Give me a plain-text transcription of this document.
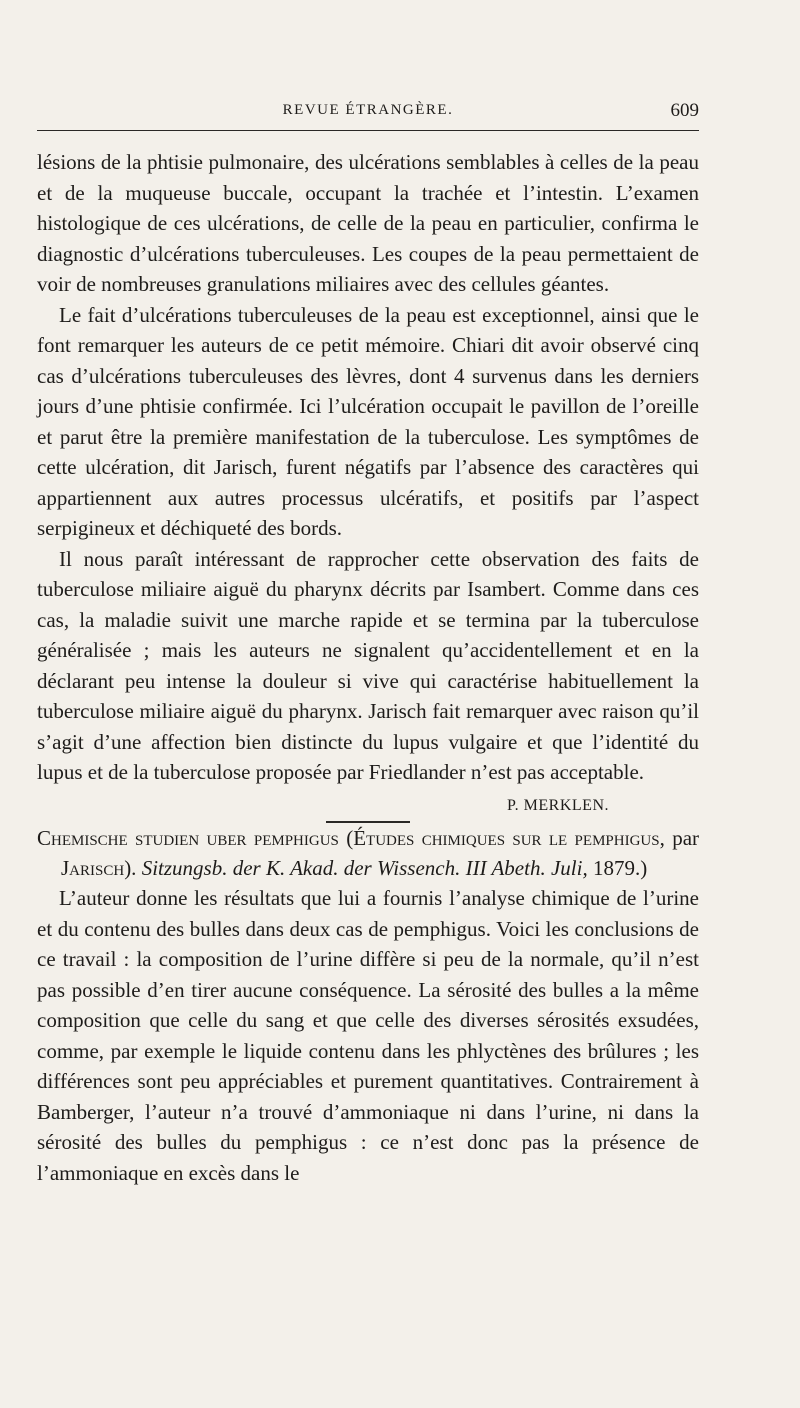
REVUE ÉTRANGÈRE.	609

lésions de la phtisie pulmonaire, des ulcérations semblables à celles de la peau et de la muqueuse buccale, occupant la trachée et l’intestin. L’examen histologique de ces ulcérations, de celle de la peau en particulier, confirma le diagnostic d’ulcérations tuberculeuses. Les coupes de la peau permettaient de voir de nombreuses granulations miliaires avec des cellules géantes.

Le fait d’ulcérations tuberculeuses de la peau est exceptionnel, ainsi que le font remarquer les auteurs de ce petit mémoire. Chiari dit avoir observé cinq cas d’ulcérations tuberculeuses des lèvres, dont 4 survenus dans les derniers jours d’une phtisie confirmée. Ici l’ulcération occupait le pavillon de l’oreille et parut être la première manifestation de la tuberculose. Les symptômes de cette ulcération, dit Jarisch, furent négatifs par l’absence des caractères qui appartiennent aux autres processus ulcératifs, et positifs par l’aspect serpigineux et déchiqueté des bords.

Il nous paraît intéressant de rapprocher cette observation des faits de tuberculose miliaire aiguë du pharynx décrits par Isambert. Comme dans ces cas, la maladie suivit une marche rapide et se termina par la tuberculose généralisée ; mais les auteurs ne signalent qu’accidentellement et en la déclarant peu intense la douleur si vive qui caractérise habituellement la tuberculose miliaire aiguë du pharynx. Jarisch fait remarquer avec raison qu’il s’agit d’une affection bien distincte du lupus vulgaire et que l’identité du lupus et de la tuberculose proposée par Friedlander n’est pas acceptable.

P. MERKLEN.

Chemische studien uber pemphigus (Études chimiques sur le pemphigus, par Jarisch). Sitzungsb. der K. Akad. der Wissench. III Abeth. Juli, 1879.)

L’auteur donne les résultats que lui a fournis l’analyse chimique de l’urine et du contenu des bulles dans deux cas de pemphigus. Voici les conclusions de ce travail : la composition de l’urine diffère si peu de la normale, qu’il n’est pas possible d’en tirer aucune conséquence. La sérosité des bulles a la même composition que celle du sang et que celle des diverses sérosités exsudées, comme, par exemple le liquide contenu dans les phlyctènes des brûlures ; les différences sont peu appréciables et purement quantitatives. Contrairement à Bamberger, l’auteur n’a trouvé d’ammoniaque ni dans l’urine, ni dans la sérosité des bulles du pemphigus : ce n’est donc pas la présence de l’ammoniaque en excès dans le
